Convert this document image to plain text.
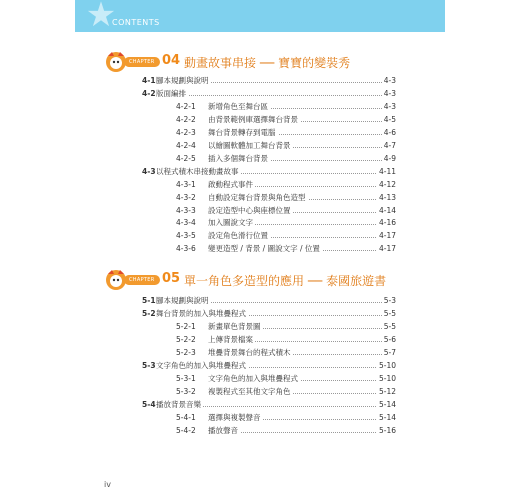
★
CONTENTS
CHAPTER 04 動畫故事串接 ── 寶寶的變裝秀
4-1 腳本規劃與說明	4-3
4-2 版面編排	4-3
4-2-1 新增角色至舞台區	4-3
4-2-2 由背景範例庫選擇舞台背景	4-5
4-2-3 舞台背景轉存到電腦	4-6
4-2-4 以繪圖軟體加工舞台背景	4-7
4-2-5 插入多個舞台背景	4-9
4-3 以程式積木串接動畫故事	4-11
4-3-1 啟動程式事件	4-12
4-3-2 自動設定舞台背景與角色造型	4-13
4-3-3 設定造型中心與座標位置	4-14
4-3-4 加入圖說文字	4-16
4-3-5 設定角色滑行位置	4-17
4-3-6 變更造型 / 背景 / 圖說文字 / 位置	4-17
CHAPTER 05 單一角色多造型的應用 ── 泰國旅遊書
5-1 腳本規劃與說明	5-3
5-2 舞台背景的加入與堆疊程式	5-5
5-2-1 新畫單色背景圖	5-5
5-2-2 上傳背景檔案	5-6
5-2-3 堆疊背景舞台的程式積木	5-7
5-3 文字角色的加入與堆疊程式	5-10
5-3-1 文字角色的加入與堆疊程式	5-10
5-3-2 複製程式至其他文字角色	5-12
5-4 播放背景音樂	5-14
5-4-1 選擇與複製聲音	5-14
5-4-2 播放聲音	5-16
iv
